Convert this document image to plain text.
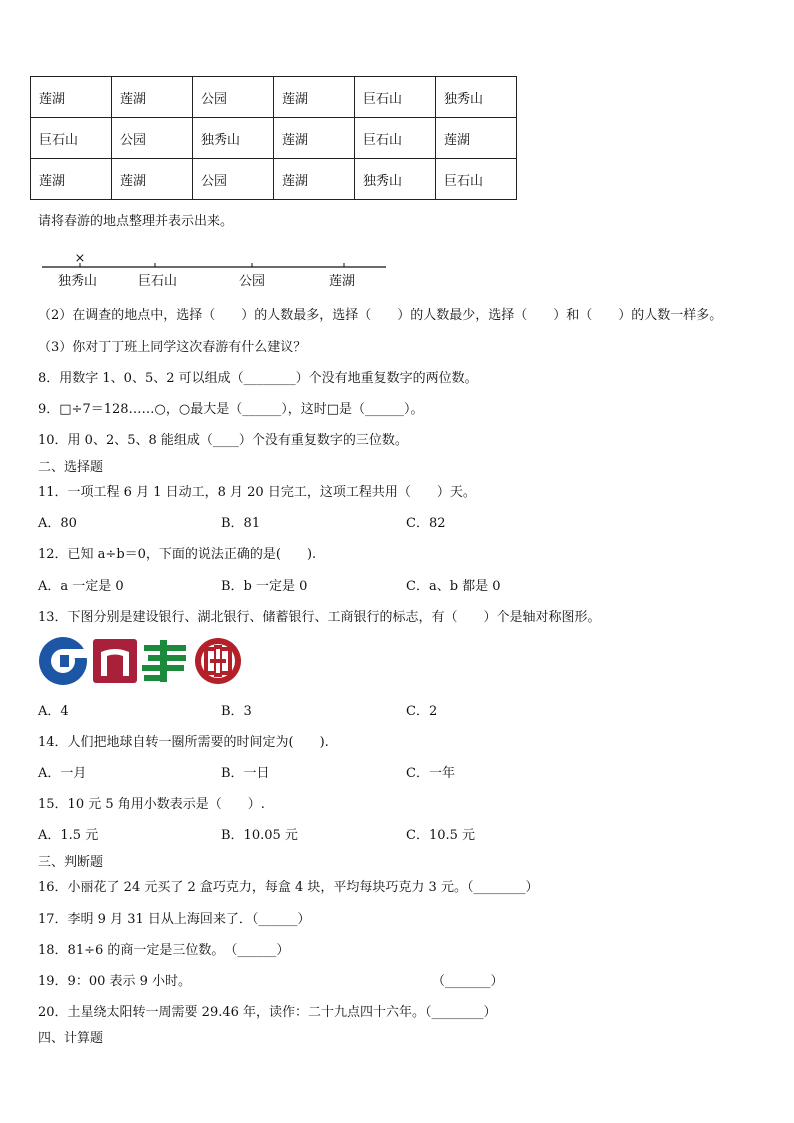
莲湖	莲湖	公园	莲湖	巨石山	独秀山
巨石山	公园	独秀山	莲湖	巨石山	莲湖
莲湖	莲湖	公园	莲湖	独秀山	巨石山
请将春游的地点整理并表示出来。
×
独秀山	巨石山	公园	莲湖
（2）在调查的地点中，选择（　　）的人数最多，选择（　　）的人数最少，选择（　　）和（　　）的人数一样多。
（3）你对丁丁班上同学这次春游有什么建议？
8．用数字 1、0、5、2 可以组成（________）个没有地重复数字的两位数。
9．□÷7＝128……○，○最大是（______），这时□是（______）。
10．用 0、2、5、8 能组成（____）个没有重复数字的三位数。
二、选择题
11．一项工程 6 月 1 日动工，8 月 20 日完工，这项工程共用（　　）天。
A．80	B．81	C．82
12．已知 a÷b＝0，下面的说法正确的是(　　).
A．a 一定是 0	B．b 一定是 0	C．a、b 都是 0
13．下图分别是建设银行、湖北银行、储蓄银行、工商银行的标志，有（　　）个是轴对称图形。
A．4	B．3	C．2
14．人们把地球自转一圈所需要的时间定为(　　).
A．一月	B．一日	C．一年
15．10 元 5 角用小数表示是（　　）.
A．1.5 元	B．10.05 元	C．10.5 元
三、判断题
16．小丽花了 24 元买了 2 盒巧克力，每盒 4 块，平均每块巧克力 3 元。（________）
17．李明 9 月 31 日从上海回来了．（______）
18．81÷6 的商一定是三位数。　（______）
19．9：00 表示 9 小时。	（_______）
20．土星绕太阳转一周需要 29.46 年，读作：二十九点四十六年。（________）
四、计算题
